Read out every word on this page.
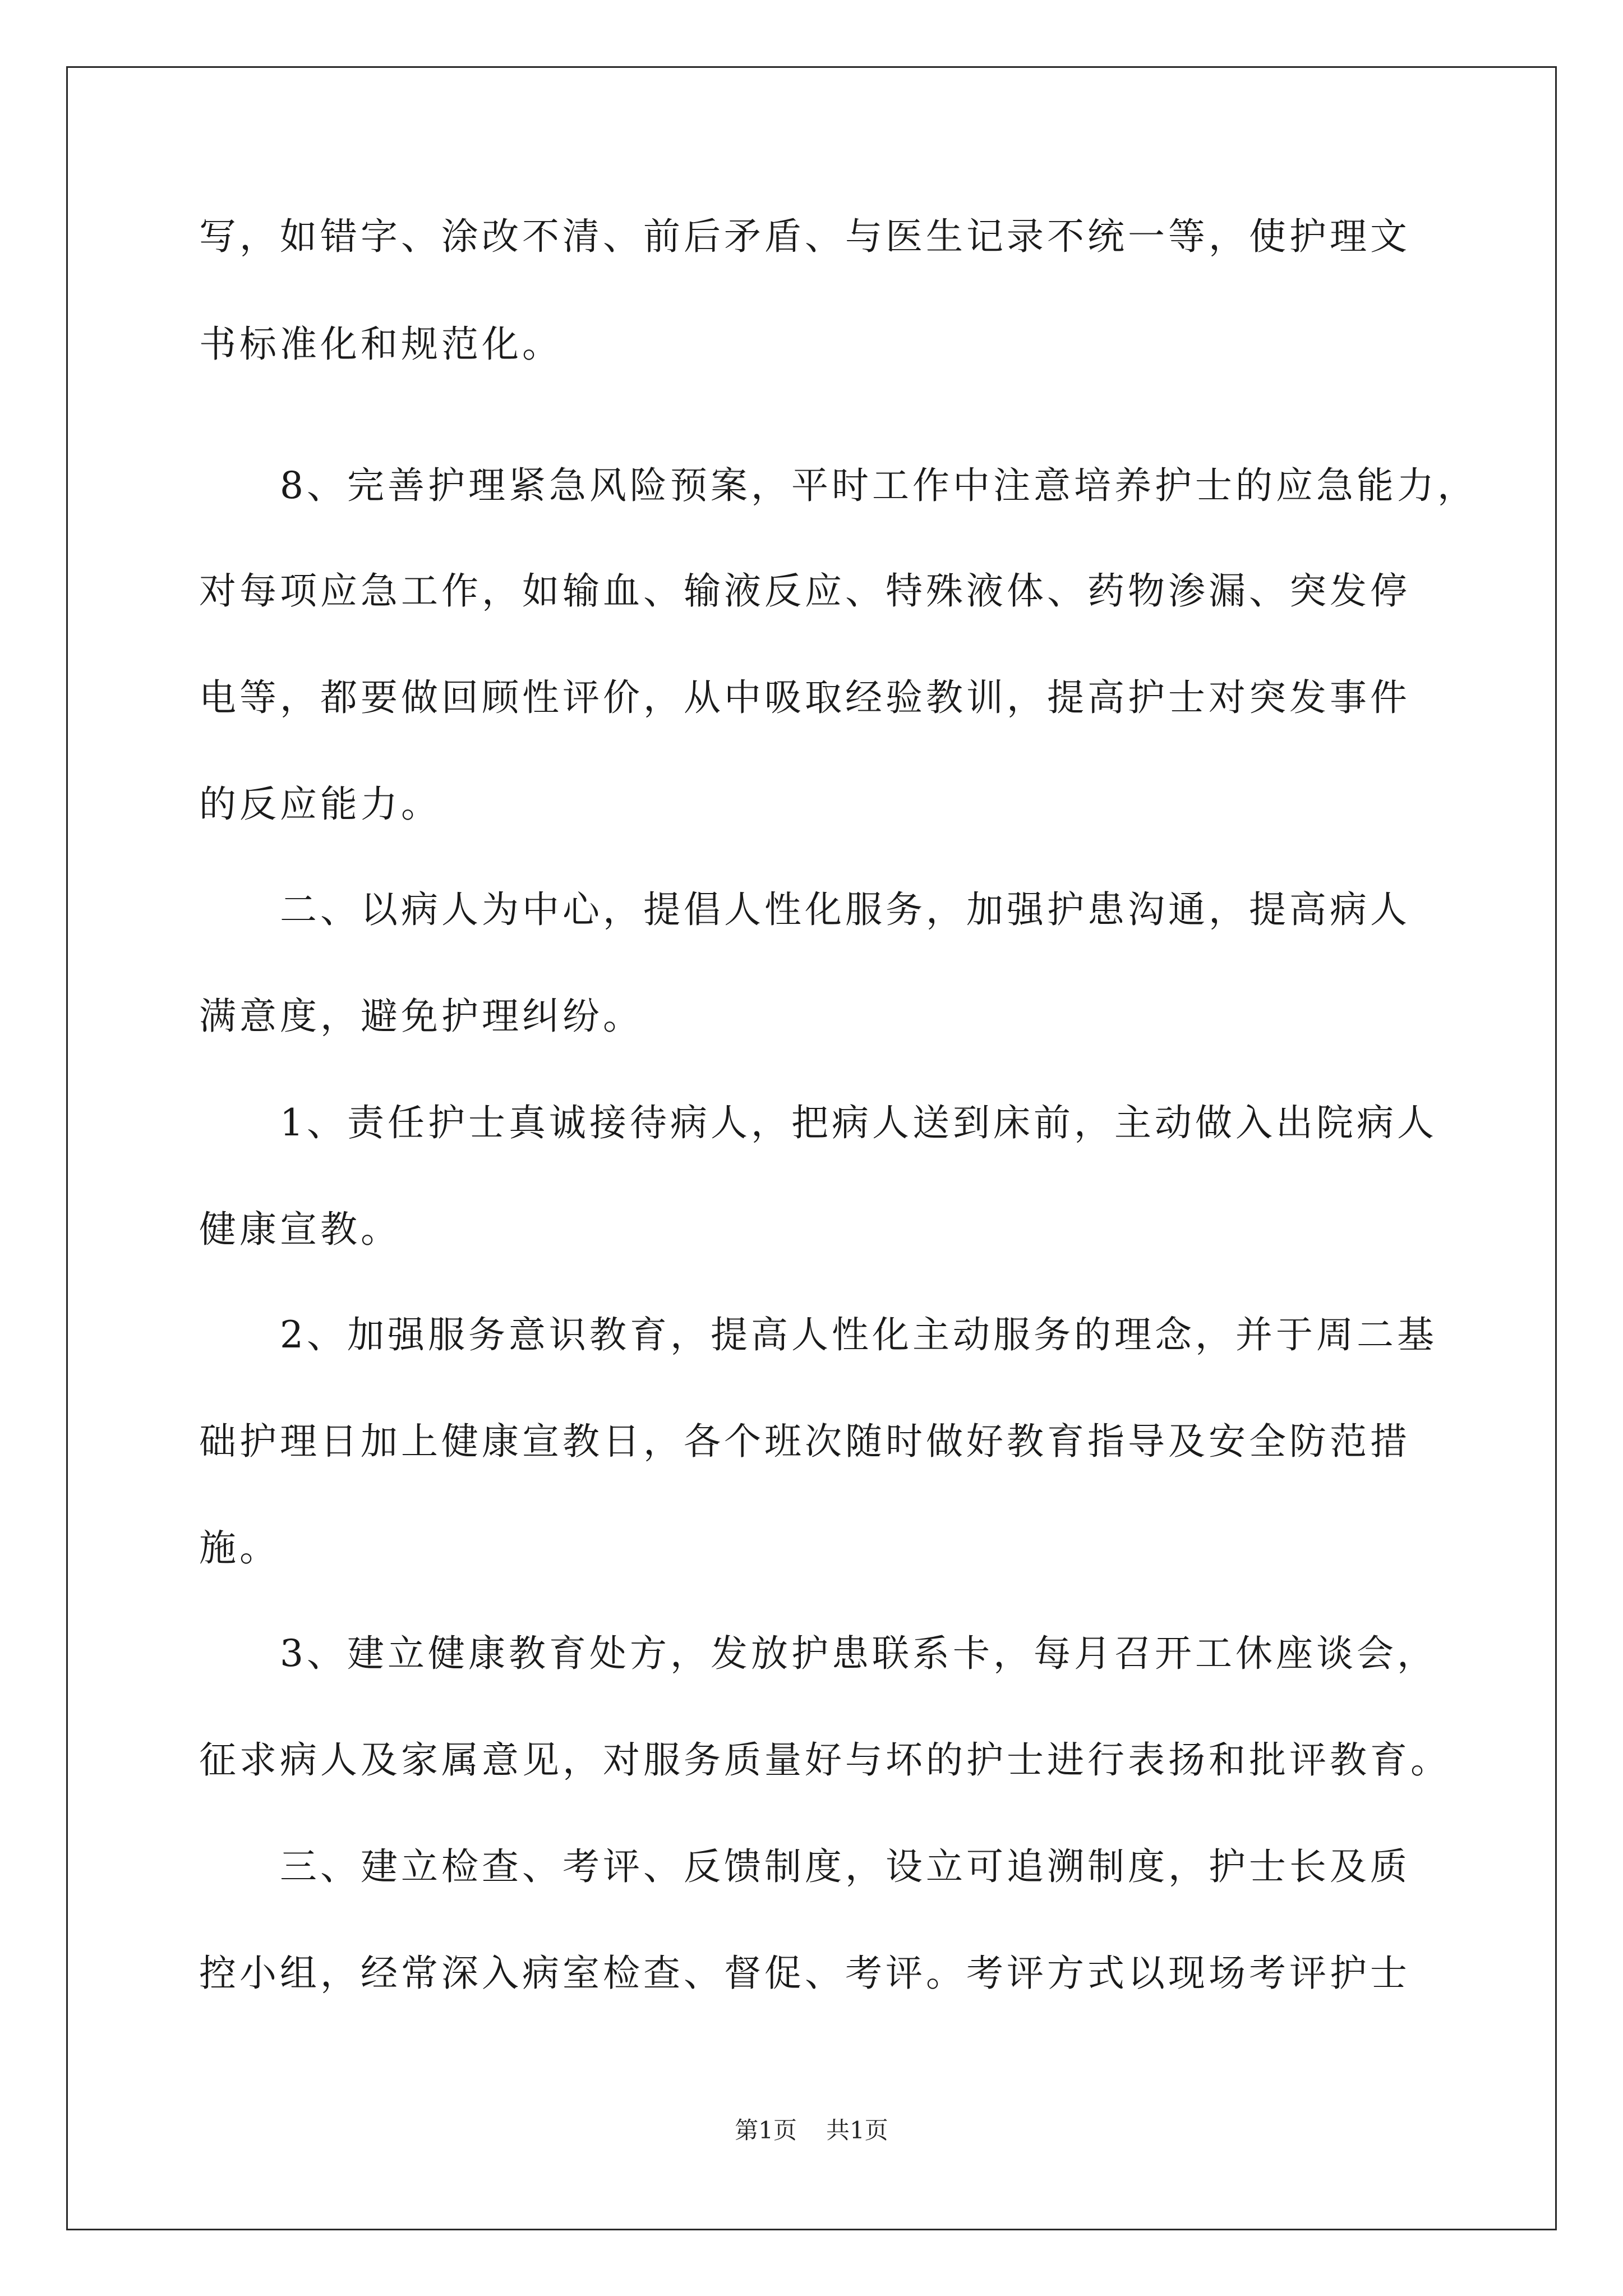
写，如错字、涂改不清、前后矛盾、与医生记录不统一等，使护理文
书标准化和规范化。
　　8、完善护理紧急风险预案，平时工作中注意培养护士的应急能力，
对每项应急工作，如输血、输液反应、特殊液体、药物渗漏、突发停
电等，都要做回顾性评价，从中吸取经验教训，提高护士对突发事件
的反应能力。
　　二、以病人为中心，提倡人性化服务，加强护患沟通，提高病人
满意度，避免护理纠纷。
　　1、责任护士真诚接待病人，把病人送到床前，主动做入出院病人
健康宣教。
　　2、加强服务意识教育，提高人性化主动服务的理念，并于周二基
础护理日加上健康宣教日，各个班次随时做好教育指导及安全防范措
施。
　　3、建立健康教育处方，发放护患联系卡，每月召开工休座谈会，
征求病人及家属意见，对服务质量好与坏的护士进行表扬和批评教育。
　　三、建立检查、考评、反馈制度，设立可追溯制度，护士长及质
控小组，经常深入病室检查、督促、考评。考评方式以现场考评护士
第1页 共1页
